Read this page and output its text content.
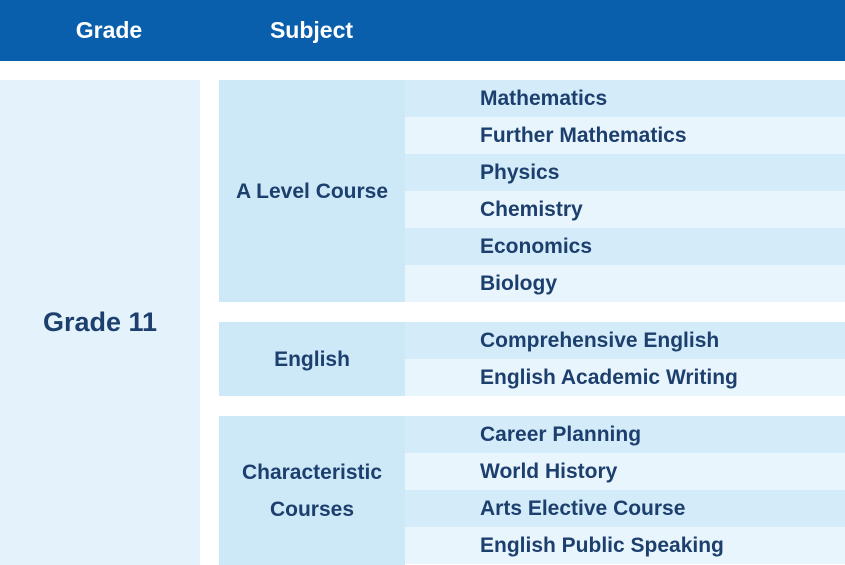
Grade	Subject
Grade 11
A Level Course
Mathematics
Further Mathematics
Physics
Chemistry
Economics
Biology
English
Comprehensive English
English Academic Writing
Characteristic
Courses
Career Planning
World History
Arts Elective Course
English Public Speaking
